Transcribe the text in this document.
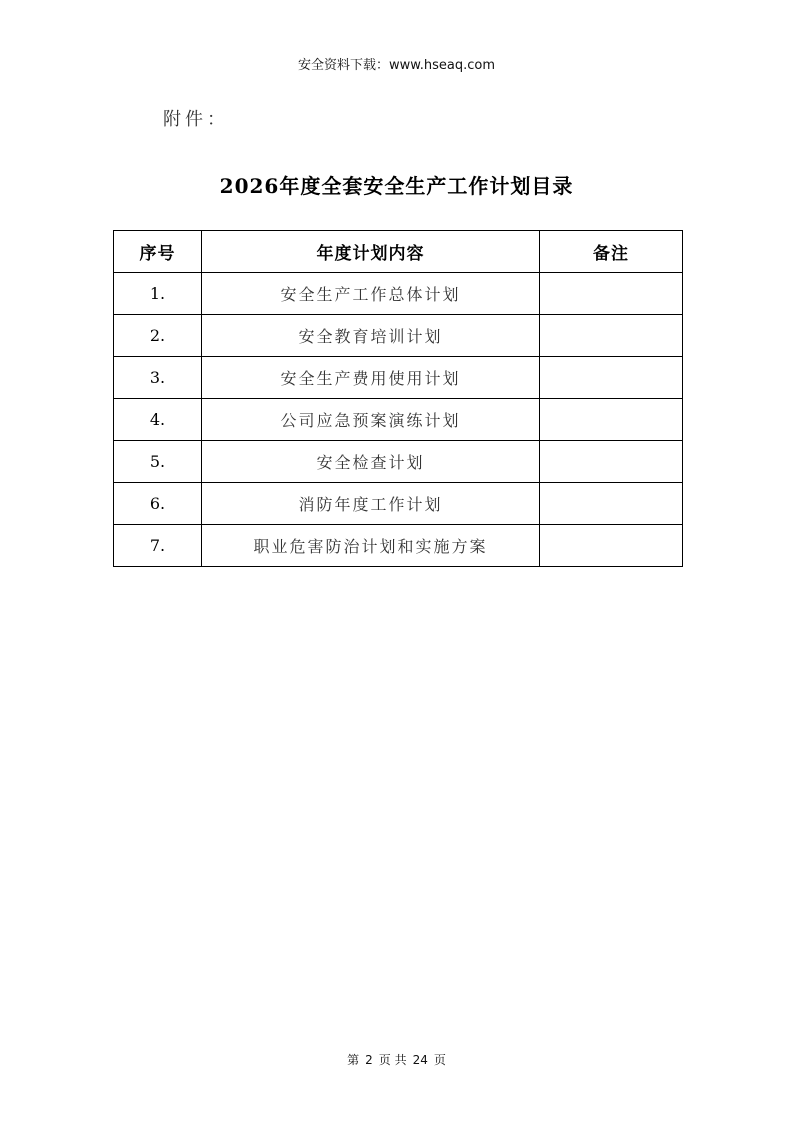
安全资料下载：www.hseaq.com
附件：
2026年度全套安全生产工作计划目录
序号	年度计划内容	备注
1.	安全生产工作总体计划	
2.	安全教育培训计划	
3.	安全生产费用使用计划	
4.	公司应急预案演练计划	
5.	安全检查计划	
6.	消防年度工作计划	
7.	职业危害防治计划和实施方案	
第 2 页 共 24 页
